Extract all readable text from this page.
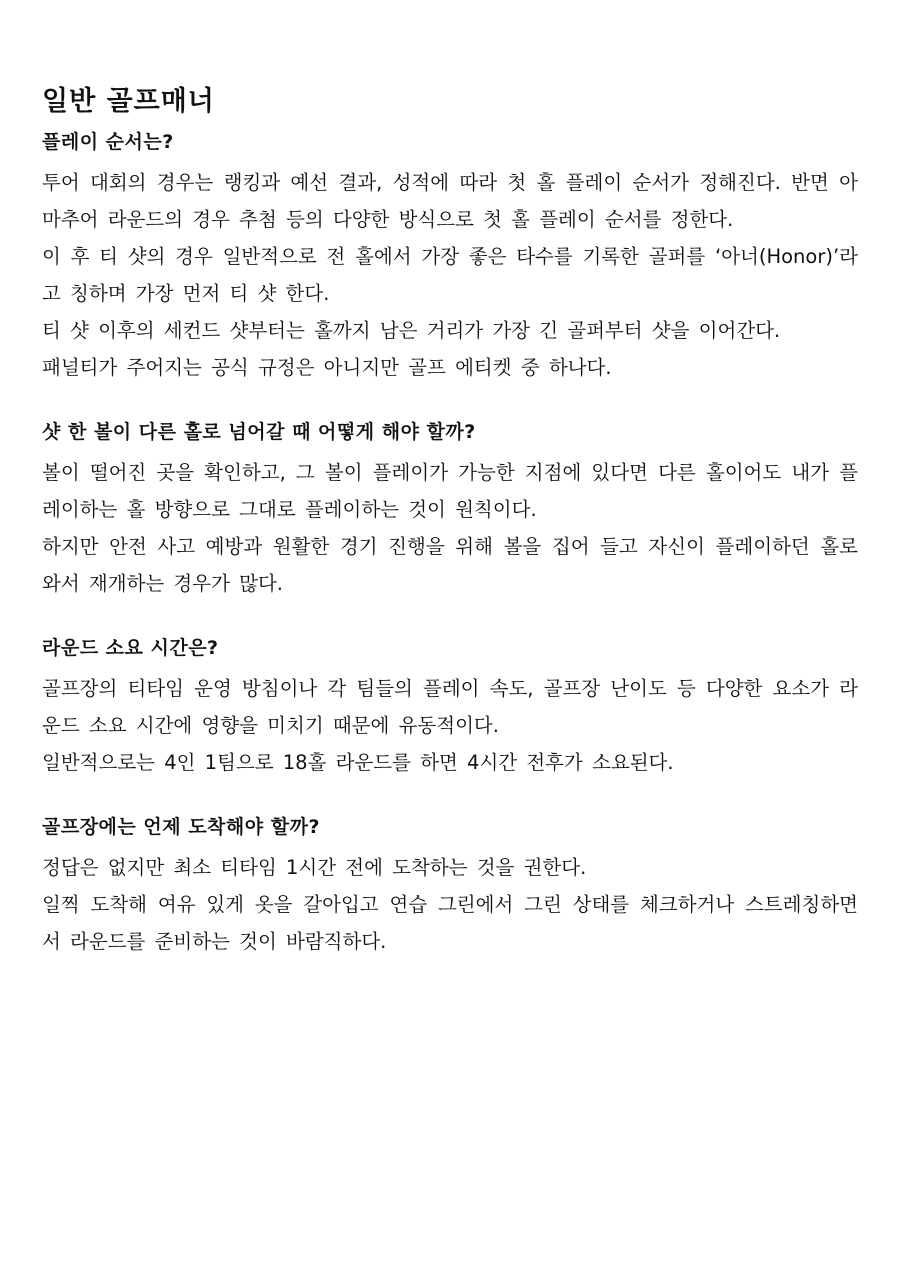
일반 골프매너
플레이 순서는?

투어 대회의 경우는 랭킹과 예선 결과, 성적에 따라 첫 홀 플레이 순서가 정해진다. 반면 아마추어 라운드의 경우 추첨 등의 다양한 방식으로 첫 홀 플레이 순서를 정한다.

이 후 티 샷의 경우 일반적으로 전 홀에서 가장 좋은 타수를 기록한 골퍼를 ‘아너(Honor)’라고 칭하며 가장 먼저 티 샷 한다.

티 샷 이후의 세컨드 샷부터는 홀까지 남은 거리가 가장 긴 골퍼부터 샷을 이어간다.

패널티가 주어지는 공식 규정은 아니지만 골프 에티켓 중 하나다.

샷 한 볼이 다른 홀로 넘어갈 때 어떻게 해야 할까?

볼이 떨어진 곳을 확인하고, 그 볼이 플레이가 가능한 지점에 있다면 다른 홀이어도 내가 플레이하는 홀 방향으로 그대로 플레이하는 것이 원칙이다.

하지만 안전 사고 예방과 원활한 경기 진행을 위해 볼을 집어 들고 자신이 플레이하던 홀로 와서 재개하는 경우가 많다.

라운드 소요 시간은?

골프장의 티타임 운영 방침이나 각 팀들의 플레이 속도, 골프장 난이도 등 다양한 요소가 라운드 소요 시간에 영향을 미치기 때문에 유동적이다.

일반적으로는 4인 1팀으로 18홀 라운드를 하면 4시간 전후가 소요된다.

골프장에는 언제 도착해야 할까?

정답은 없지만 최소 티타임 1시간 전에 도착하는 것을 권한다.

일찍 도착해 여유 있게 옷을 갈아입고 연습 그린에서 그린 상태를 체크하거나 스트레칭하면서 라운드를 준비하는 것이 바람직하다.
